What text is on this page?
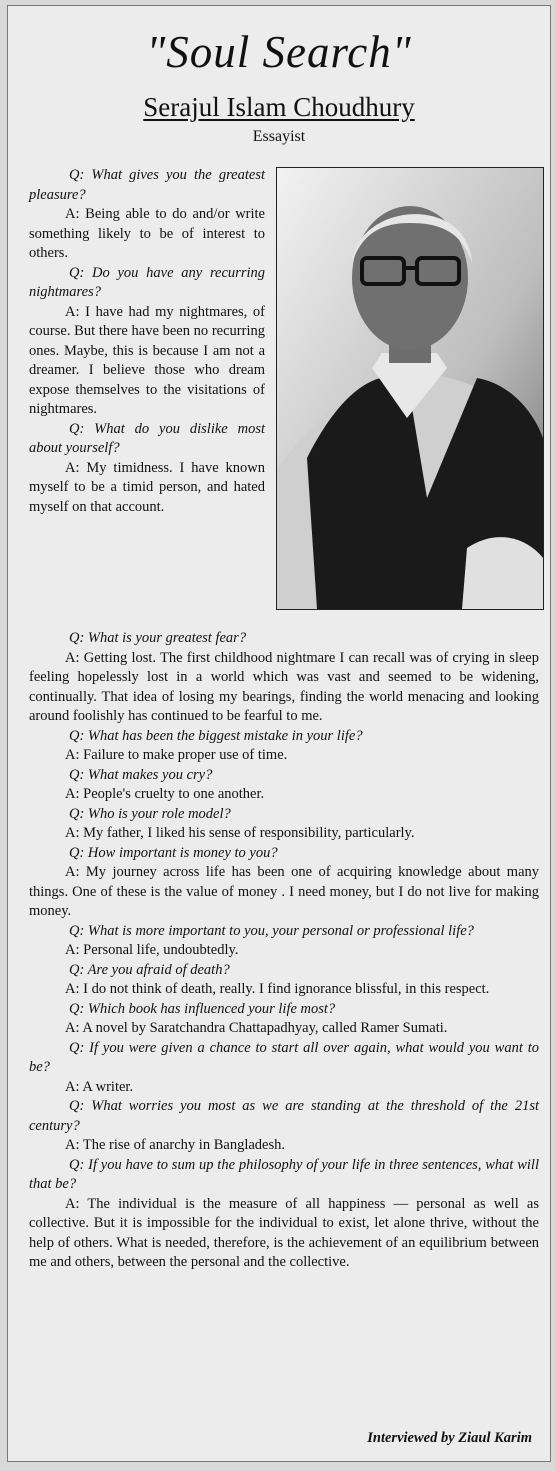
"Soul Search"
Serajul Islam Choudhury
Essayist

Q: What gives you the greatest pleasure?

A: Being able to do and/or write something likely to be of interest to others.

Q: Do you have any recurring nightmares?

A: I have had my nightmares, of course. But there have been no recurring ones. Maybe, this is because I am not a dreamer. I believe those who dream expose themselves to the visitations of nightmares.

Q: What do you dislike most about yourself?

A: My timidness. I have known myself to be a timid person, and hated myself on that account.

Q: What is your greatest fear?

A: Getting lost. The first childhood nightmare I can recall was of crying in sleep feeling hopelessly lost in a world which was vast and seemed to be widening, continually. That idea of losing my bearings, finding the world menacing and looking around foolishly has continued to be fearful to me.

Q: What has been the biggest mistake in your life?

A: Failure to make proper use of time.

Q: What makes you cry?

A: People's cruelty to one another.

Q: Who is your role model?

A: My father, I liked his sense of responsibility, particularly.

Q: How important is money to you?

A: My journey across life has been one of acquiring knowledge about many things. One of these is the value of money . I need money, but I do not live for making money.

Q: What is more important to you, your personal or professional life?

A: Personal life, undoubtedly.

Q: Are you afraid of death?

A: I do not think of death, really. I find ignorance blissful, in this respect.

Q: Which book has influenced your life most?

A: A novel by Saratchandra Chattapadhyay, called Ramer Sumati.

Q: If you were given a chance to start all over again, what would you want to be?

A: A writer.

Q: What worries you most as we are standing at the threshold of the 21st century?

A: The rise of anarchy in Bangladesh.

Q: If you have to sum up the philosophy of your life in three sentences, what will that be?

A: The individual is the measure of all happiness — personal as well as collective. But it is impossible for the individual to exist, let alone thrive, without the help of others. What is needed, therefore, is the achievement of an equilibrium between me and others, between the personal and the collective.

Interviewed by Ziaul Karim
